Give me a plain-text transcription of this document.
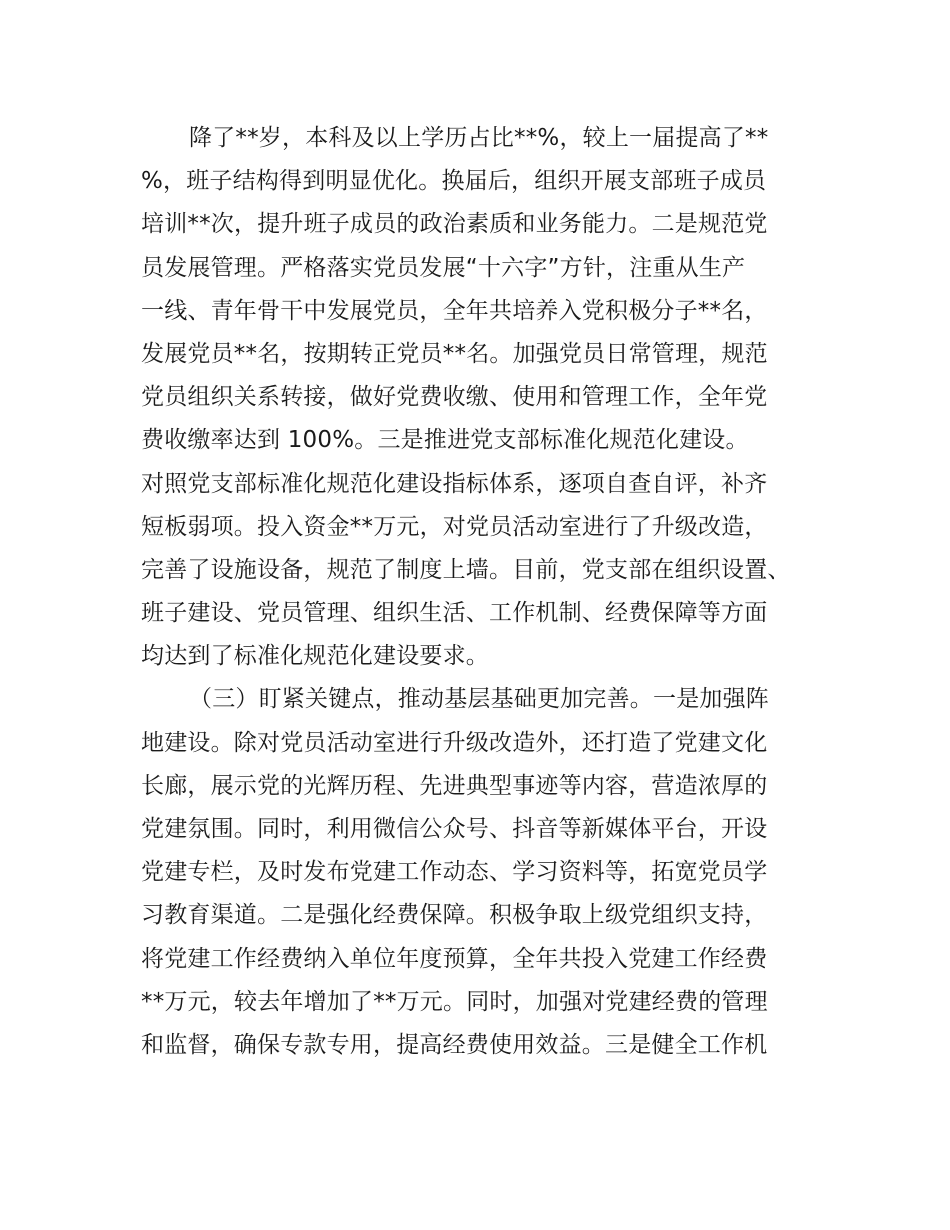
降了**岁，本科及以上学历占比**%，较上一届提高了**
%，班子结构得到明显优化。换届后，组织开展支部班子成员
培训**次，提升班子成员的政治素质和业务能力。二是规范党
员发展管理。严格落实党员发展“十六字”方针，注重从生产
一线、青年骨干中发展党员，全年共培养入党积极分子**名，
发展党员**名，按期转正党员**名。加强党员日常管理，规范
党员组织关系转接，做好党费收缴、使用和管理工作，全年党
费收缴率达到 100%。三是推进党支部标准化规范化建设。
对照党支部标准化规范化建设指标体系，逐项自查自评，补齐
短板弱项。投入资金**万元，对党员活动室进行了升级改造，
完善了设施设备，规范了制度上墙。目前，党支部在组织设置、
班子建设、党员管理、组织生活、工作机制、经费保障等方面
均达到了标准化规范化建设要求。
（三）盯紧关键点，推动基层基础更加完善。一是加强阵
地建设。除对党员活动室进行升级改造外，还打造了党建文化
长廊，展示党的光辉历程、先进典型事迹等内容，营造浓厚的
党建氛围。同时，利用微信公众号、抖音等新媒体平台，开设
党建专栏，及时发布党建工作动态、学习资料等，拓宽党员学
习教育渠道。二是强化经费保障。积极争取上级党组织支持，
将党建工作经费纳入单位年度预算，全年共投入党建工作经费
**万元，较去年增加了**万元。同时，加强对党建经费的管理
和监督，确保专款专用，提高经费使用效益。三是健全工作机
